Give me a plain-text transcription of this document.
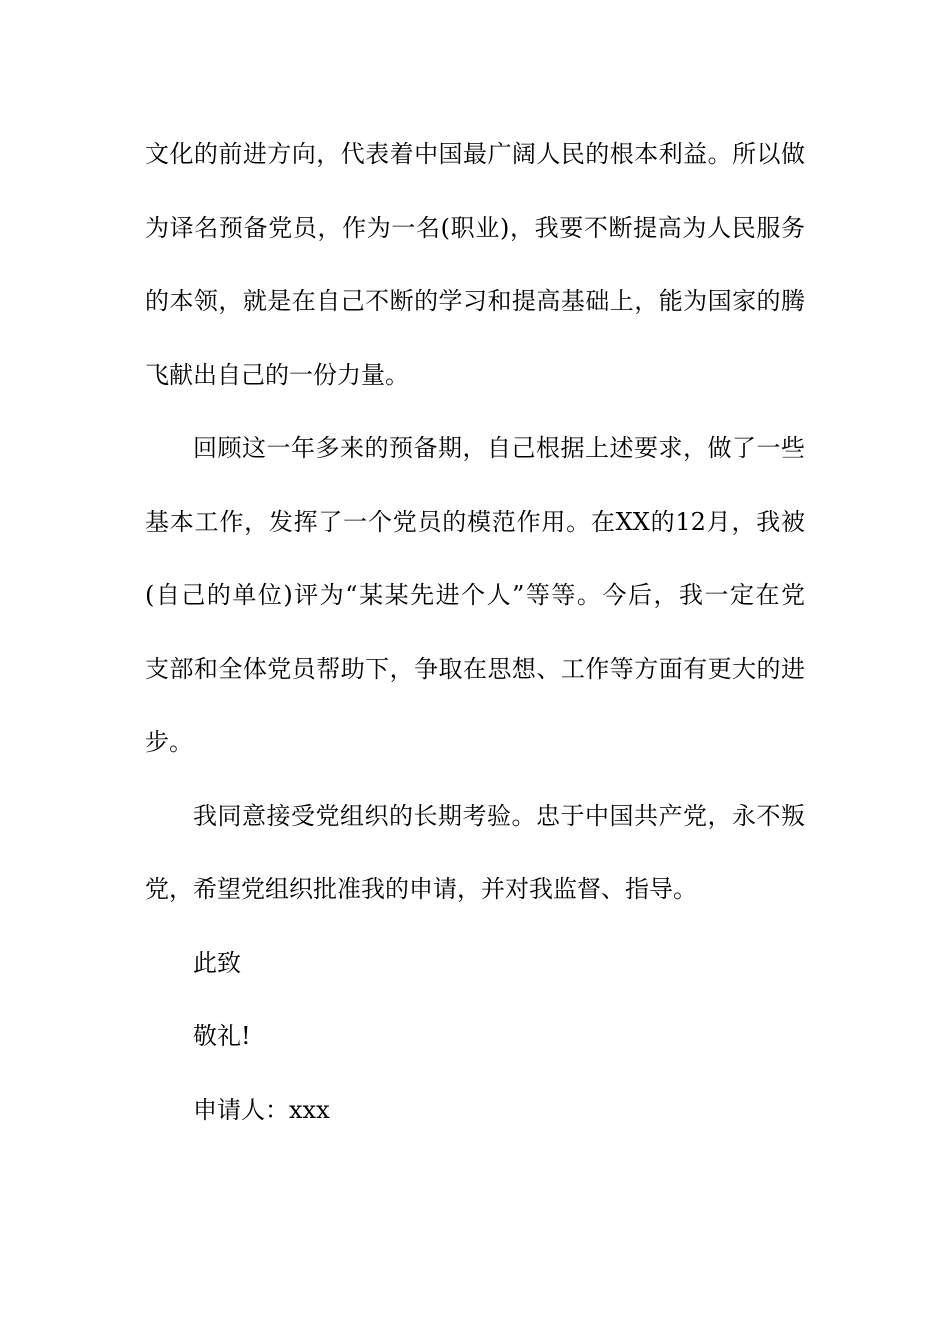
文化的前进方向，代表着中国最广阔人民的根本利益。所以做
为译名预备党员，作为一名(职业)，我要不断提高为人民服务
的本领，就是在自己不断的学习和提高基础上，能为国家的腾
飞献出自己的一份力量。
回顾这一年多来的预备期，自己根据上述要求，做了一些
基本工作，发挥了一个党员的模范作用。在XX的12月，我被
(自己的单位)评为“某某先进个人”等等。今后，我一定在党
支部和全体党员帮助下，争取在思想、工作等方面有更大的进
步。
我同意接受党组织的长期考验。忠于中国共产党，永不叛
党，希望党组织批准我的申请，并对我监督、指导。
此致
敬礼!
申请人：xxx
